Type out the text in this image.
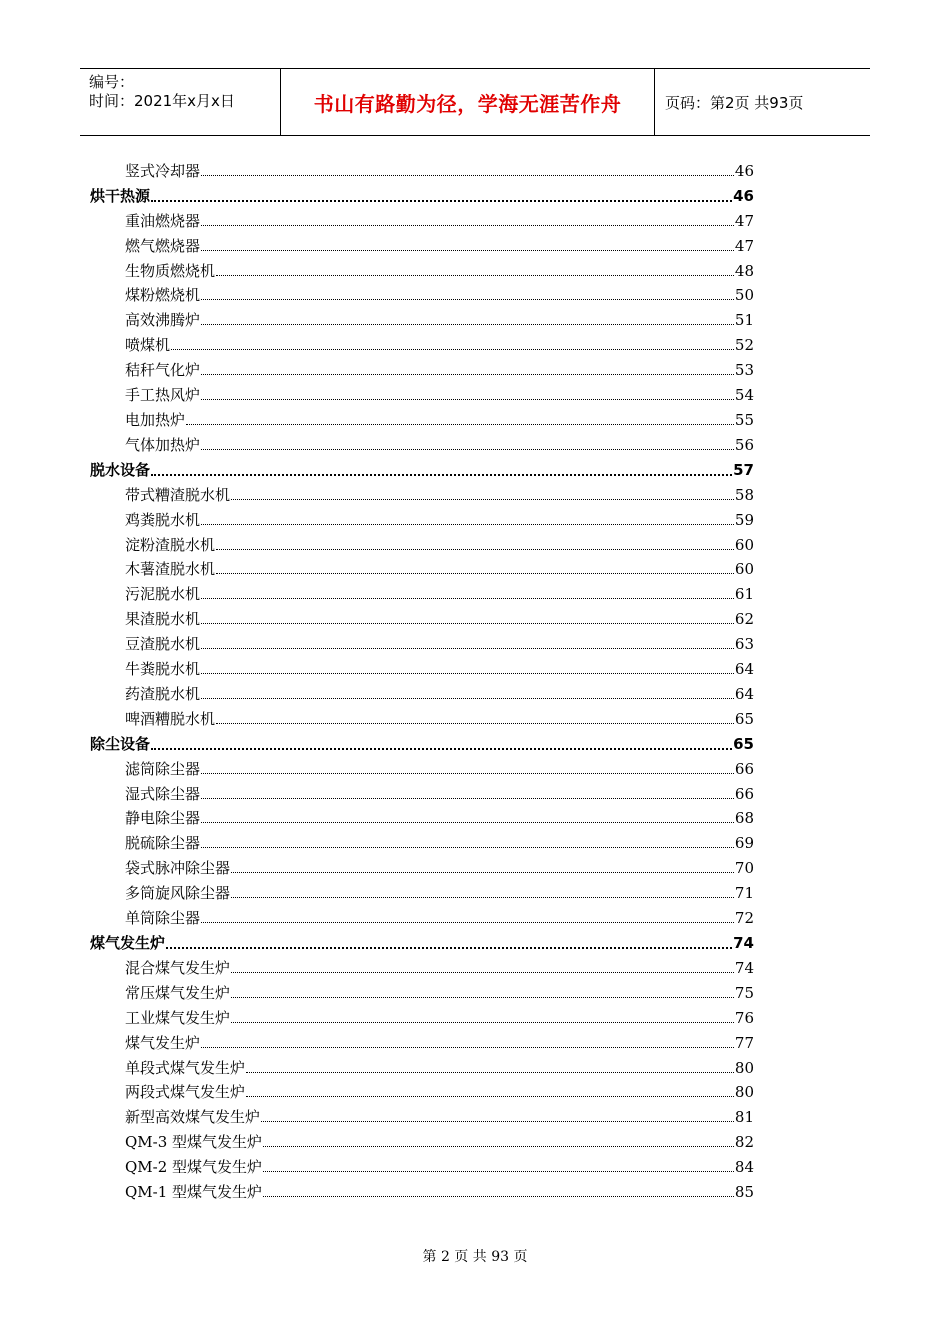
编号：
时间：2021年x月x日	书山有路勤为径，学海无涯苦作舟	页码：第2页 共93页
竖式冷却器	46
烘干热源	46
重油燃烧器	47
燃气燃烧器	47
生物质燃烧机	48
煤粉燃烧机	50
高效沸腾炉	51
喷煤机	52
秸秆气化炉	53
手工热风炉	54
电加热炉	55
气体加热炉	56
脱水设备	57
带式糟渣脱水机	58
鸡粪脱水机	59
淀粉渣脱水机	60
木薯渣脱水机	60
污泥脱水机	61
果渣脱水机	62
豆渣脱水机	63
牛粪脱水机	64
药渣脱水机	64
啤酒糟脱水机	65
除尘设备	65
滤筒除尘器	66
湿式除尘器	66
静电除尘器	68
脱硫除尘器	69
袋式脉冲除尘器	70
多筒旋风除尘器	71
单筒除尘器	72
煤气发生炉	74
混合煤气发生炉	74
常压煤气发生炉	75
工业煤气发生炉	76
煤气发生炉	77
单段式煤气发生炉	80
两段式煤气发生炉	80
新型高效煤气发生炉	81
QM-3 型煤气发生炉	82
QM-2 型煤气发生炉	84
QM-1 型煤气发生炉	85
第 2 页 共 93 页
